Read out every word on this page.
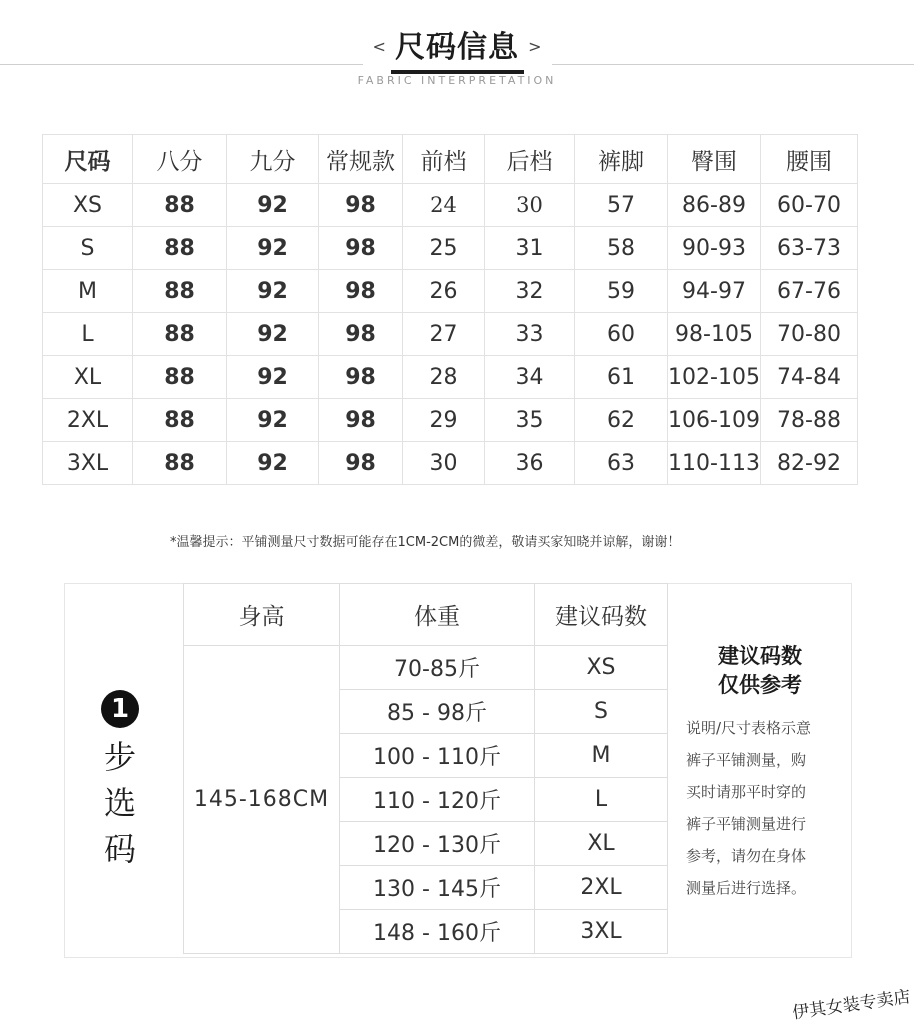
< 尺码信息 >
FABRIC INTERPRETATION
尺码	八分	九分	常规款	前档	后档	裤脚	臀围	腰围
XS	88	92	98	24	30	57	86-89	60-70
S	88	92	98	25	31	58	90-93	63-73
M	88	92	98	26	32	59	94-97	67-76
L	88	92	98	27	33	60	98-105	70-80
XL	88	92	98	28	34	61	102-105	74-84
2XL	88	92	98	29	35	62	106-109	78-88
3XL	88	92	98	30	36	63	110-113	82-92
*温馨提示：平铺测量尺寸数据可能存在1CM-2CM的微差，敬请买家知晓并谅解，谢谢！
1
步
选
码
身高	体重	建议码数
145-168CM	70-85斤	XS
	85 - 98斤	S
	100 - 110斤	M
	110 - 120斤	L
	120 - 130斤	XL
	130 - 145斤	2XL
	148 - 160斤	3XL
建议码数
仅供参考
说明/尺寸表格示意
裤子平铺测量，购
买时请那平时穿的
裤子平铺测量进行
参考，请勿在身体
测量后进行选择。
伊其女装专卖店
